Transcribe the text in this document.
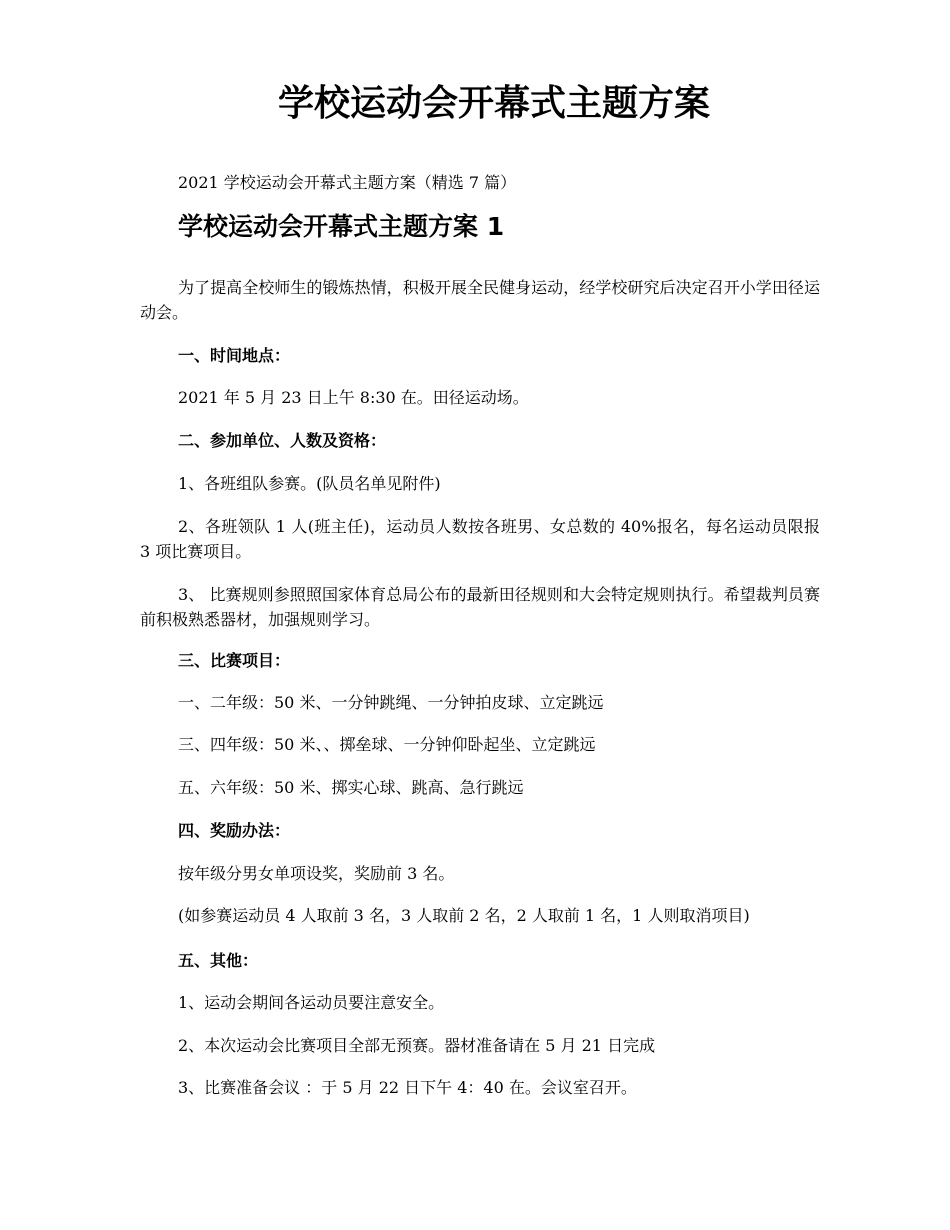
学校运动会开幕式主题方案
2021 学校运动会开幕式主题方案（精选 7 篇）
学校运动会开幕式主题方案 1
为了提高全校师生的锻炼热情，积极开展全民健身运动，经学校研究后决定召开小学田径运动会。
一、时间地点：
2021 年 5 月 23 日上午 8:30 在。田径运动场。
二、参加单位、人数及资格：
1、各班组队参赛。(队员名单见附件)
2、各班领队 1 人(班主任)，运动员人数按各班男、女总数的 40%报名，每名运动员限报 3 项比赛项目。
3、 比赛规则参照照国家体育总局公布的最新田径规则和大会特定规则执行。希望裁判员赛前积极熟悉器材，加强规则学习。
三、比赛项目：
一、二年级：50 米、一分钟跳绳、一分钟拍皮球、立定跳远
三、四年级：50 米、、掷垒球、一分钟仰卧起坐、立定跳远
五、六年级：50 米、掷实心球、跳高、急行跳远
四、奖励办法：
按年级分男女单项设奖，奖励前 3 名。
(如参赛运动员 4 人取前 3 名，3 人取前 2 名，2 人取前 1 名，1 人则取消项目)
五、其他：
1、运动会期间各运动员要注意安全。
2、本次运动会比赛项目全部无预赛。器材准备请在 5 月 21 日完成
3、比赛准备会议 ：于 5 月 22 日下午 4：40 在。会议室召开。
